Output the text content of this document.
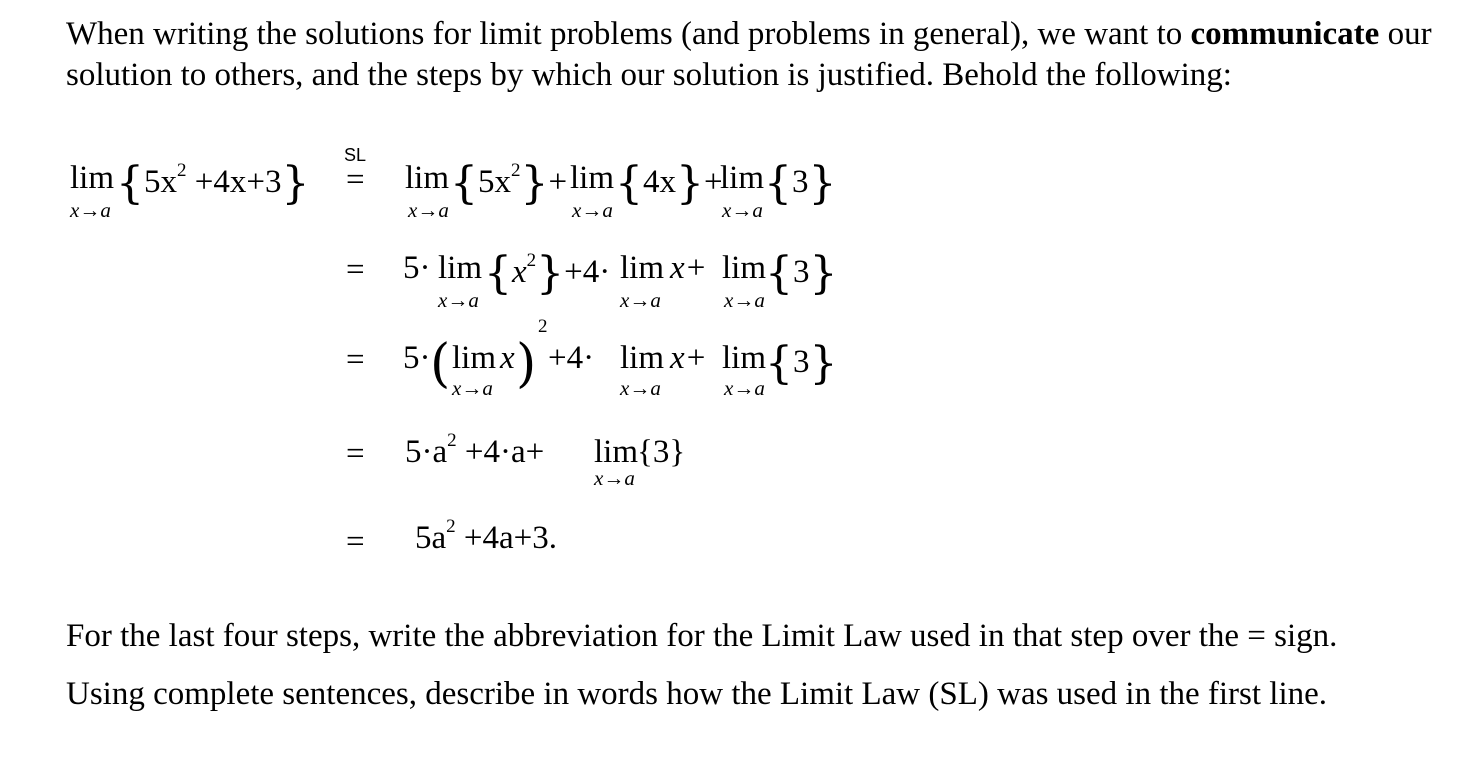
When writing the solutions for limit problems (and problems in general), we want to communicate our solution to others, and the steps by which our solution is justified. Behold the following:
SL
lim
x→a
$\{5x^2 +4x+3\} = \lim$
x→a
$\{5x^2\}+ \lim$
x→a
{4x}+
lim
x→a
{3}
= 5· lim
x→a
$\{x^2\}+4\cdot \lim$
x→a
x+ lim
x→a
{3}
= 5· ( lim
x→a
x )
2
+4· lim
x→a
x+ lim
x→a {3}
= $5\cdot a^2 +4\cdot a+ \lim$
x→a
{3}
= $5a^2 +4a+3$.
For the last four steps, write the abbreviation for the Limit Law used in that step over the = sign.
Using complete sentences, describe in words how the Limit Law (SL) was used in the first line.
